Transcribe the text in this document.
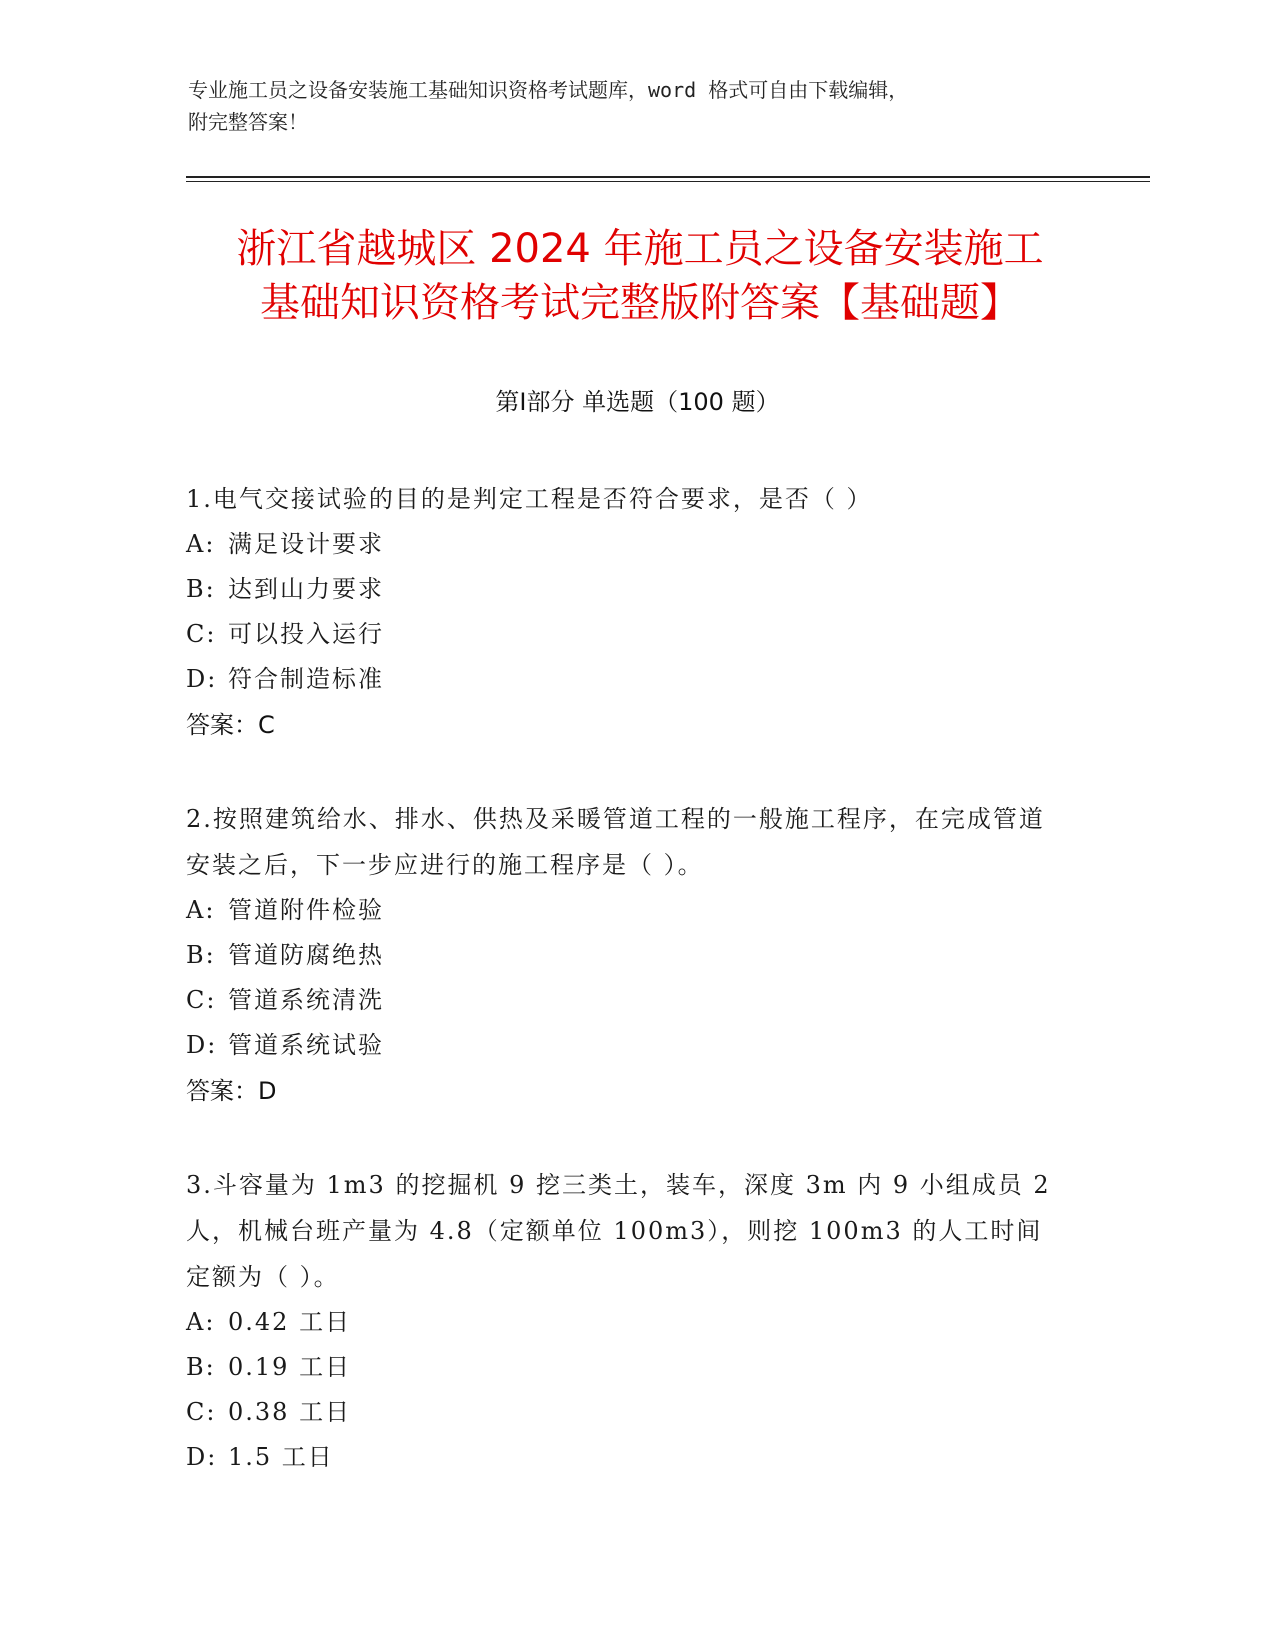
专业施工员之设备安装施工基础知识资格考试题库，word 格式可自由下载编辑，
附完整答案！
浙江省越城区 2024 年施工员之设备安装施工
基础知识资格考试完整版附答案【基础题】
第Ⅰ部分 单选题（100 题）
1.电气交接试验的目的是判定工程是否符合要求，是否（ ）
A: 满足设计要求
B: 达到山力要求
C: 可以投入运行
D: 符合制造标准
答案：C
2.按照建筑给水、排水、供热及采暖管道工程的一般施工程序，在完成管道安装之后，下一步应进行的施工程序是（ ）。
A: 管道附件检验
B: 管道防腐绝热
C: 管道系统清洗
D: 管道系统试验
答案：D
3.斗容量为 1m3 的挖掘机 9 挖三类土，装车，深度 3m 内 9 小组成员 2 人，机械台班产量为 4.8（定额单位 100m3），则挖 100m3 的人工时间定额为（ ）。
A: 0.42 工日
B: 0.19 工日
C: 0.38 工日
D: 1.5 工日
